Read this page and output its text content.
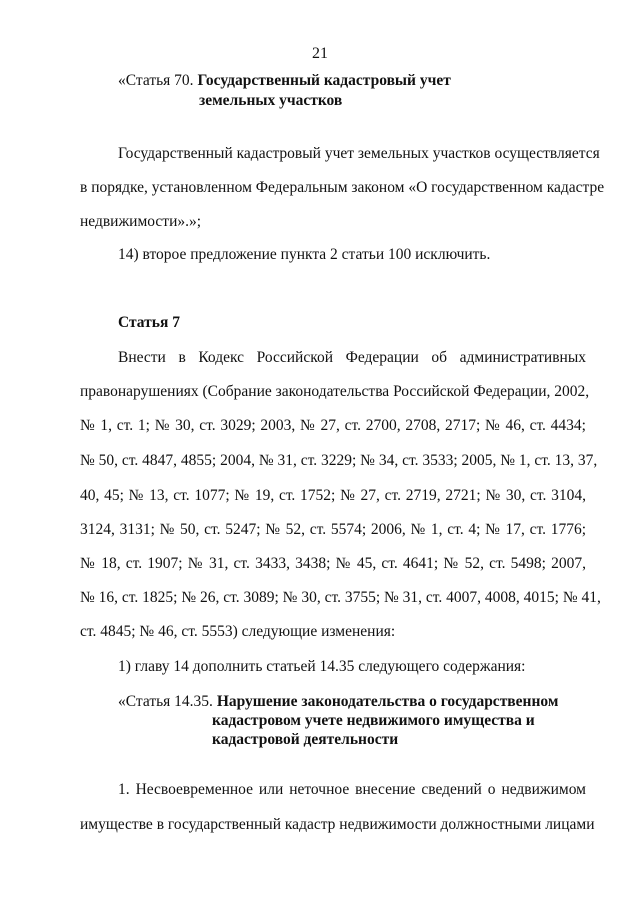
21
«Статья 70. Государственный кадастровый учет
земельных участков
Государственный кадастровый учет земельных участков осуществляется
в порядке, установленном Федеральным законом «О государственном кадастре
недвижимости».»;
14) второе предложение пункта 2 статьи 100 исключить.
Статья 7
Внести в Кодекс Российской Федерации об административных
правонарушениях (Собрание законодательства Российской Федерации, 2002,
№ 1, ст. 1; № 30, ст. 3029; 2003, № 27, ст. 2700, 2708, 2717; № 46, ст. 4434;
№ 50, ст. 4847, 4855; 2004, № 31, ст. 3229; № 34, ст. 3533; 2005, № 1, ст. 13, 37,
40, 45; № 13, ст. 1077; № 19, ст. 1752; № 27, ст. 2719, 2721; № 30, ст. 3104,
3124, 3131; № 50, ст. 5247; № 52, ст. 5574; 2006, № 1, ст. 4; № 17, ст. 1776;
№ 18, ст. 1907; № 31, ст. 3433, 3438; № 45, ст. 4641; № 52, ст. 5498; 2007,
№ 16, ст. 1825; № 26, ст. 3089; № 30, ст. 3755; № 31, ст. 4007, 4008, 4015; № 41,
ст. 4845; № 46, ст. 5553) следующие изменения:
1) главу 14 дополнить статьей 14.35 следующего содержания:
«Статья 14.35. Нарушение законодательства о государственном
кадастровом учете недвижимого имущества и
кадастровой деятельности
1. Несвоевременное или неточное внесение сведений о недвижимом
имуществе в государственный кадастр недвижимости должностными лицами
